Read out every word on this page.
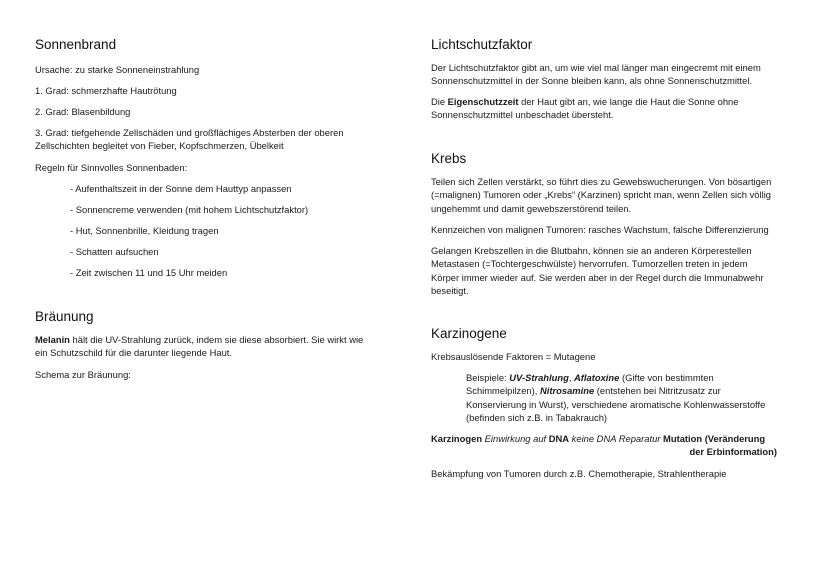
Sonnenbrand

Ursache: zu starke Sonneneinstrahlung

1. Grad: schmerzhafte Hautrötung

2. Grad: Blasenbildung

3. Grad: tiefgehende Zellschäden und großflächiges Absterben der oberen

Zellschichten begleitet von Fieber, Kopfschmerzen, Übelkeit

Regeln für Sinnvolles Sonnenbaden:

- Aufenthaltszeit in der Sonne dem Hauttyp anpassen

- Sonnencreme verwenden (mit hohem Lichtschutzfaktor)

- Hut, Sonnenbrille, Kleidung tragen

- Schatten aufsuchen

- Zeit zwischen 11 und 15 Uhr meiden

Bräunung

Melanin hält die UV-Strahlung zurück, indem sie diese absorbiert. Sie wirkt wie

ein Schutzschild für die darunter liegende Haut.

Schema zur Bräunung:

Lichtschutzfaktor

Der Lichtschutzfaktor gibt an, um wie viel mal länger man eingecremt mit einem

Sonnenschutzmittel in der Sonne bleiben kann, als ohne Sonnenschutzmittel.

Die Eigenschutzzeit der Haut gibt an, wie lange die Haut die Sonne ohne

Sonnenschutzmittel unbeschadet übersteht.

Krebs

Teilen sich Zellen verstärkt, so führt dies zu Gewebswucherungen. Von bösartigen

(=malignen) Tumoren oder „Krebs“ (Karzinen) spricht man, wenn Zellen sich völlig

ungehemmt und damit gewebszerstörend teilen.

Kennzeichen von malignen Tumoren: rasches Wachstum, falsche Differenzierung

Gelangen Krebszellen in die Blutbahn, können sie an anderen Körperestellen

Metastasen (=Tochtergeschwülste) hervorrufen. Tumorzellen treten in jedem

Körper immer wieder auf. Sie werden aber in der Regel durch die Immunabwehr

beseitigt.

Karzinogene

Krebsauslösende Faktoren = Mutagene

Beispiele: UV-Strahlung, Aflatoxine (Gifte von bestimmten

Schimmelpilzen), Nitrosamine (entstehen bei Nitritzusatz zur

Konservierung in Wurst), verschiedene aromatische Kohlenwasserstoffe

(befinden sich z.B. in Tabakrauch)

Karzinogen Einwirkung auf DNA keine DNA Reparatur Mutation (Veränderung

der Erbinformation)

Bekämpfung von Tumoren durch z.B. Chemotherapie, Strahlentherapie
